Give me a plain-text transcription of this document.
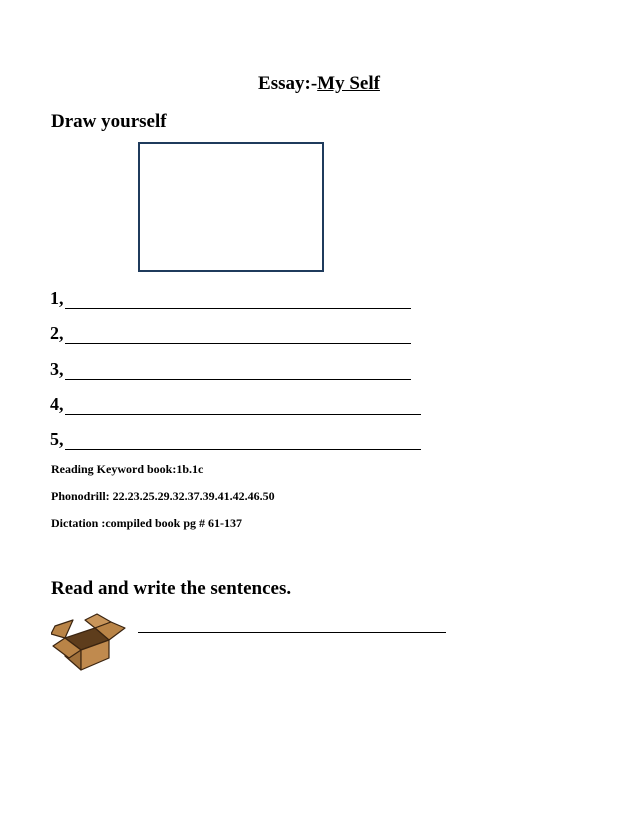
Essay:-My Self
Draw yourself
1,
2,
3,
4,
5,
Reading Keyword book:1b.1c
Phonodrill: 22.23.25.29.32.37.39.41.42.46.50
Dictation :compiled book pg # 61-137
Read and write the sentences.
